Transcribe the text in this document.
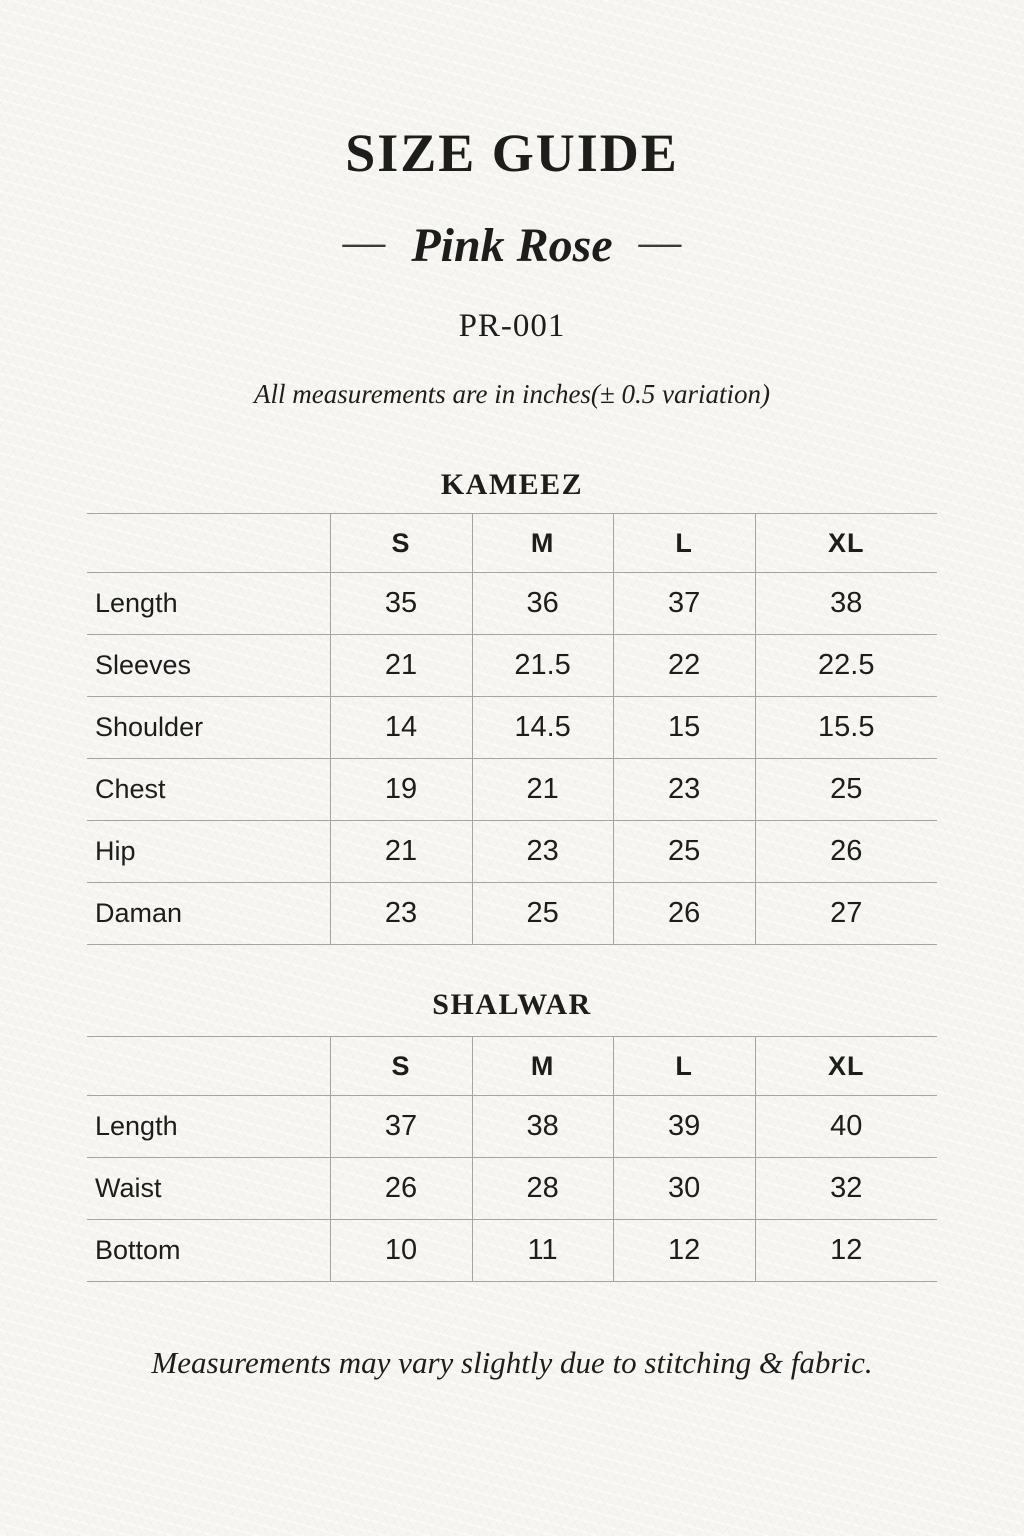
SIZE GUIDE
— Pink Rose —
PR-001
All measurements are in inches(± 0.5 variation)
KAMEEZ
	S	M	L	XL
Length	35	36	37	38
Sleeves	21	21.5	22	22.5
Shoulder	14	14.5	15	15.5
Chest	19	21	23	25
Hip	21	23	25	26
Daman	23	25	26	27
SHALWAR
	S	M	L	XL
Length	37	38	39	40
Waist	26	28	30	32
Bottom	10	11	12	12
Measurements may vary slightly due to stitching & fabric.
